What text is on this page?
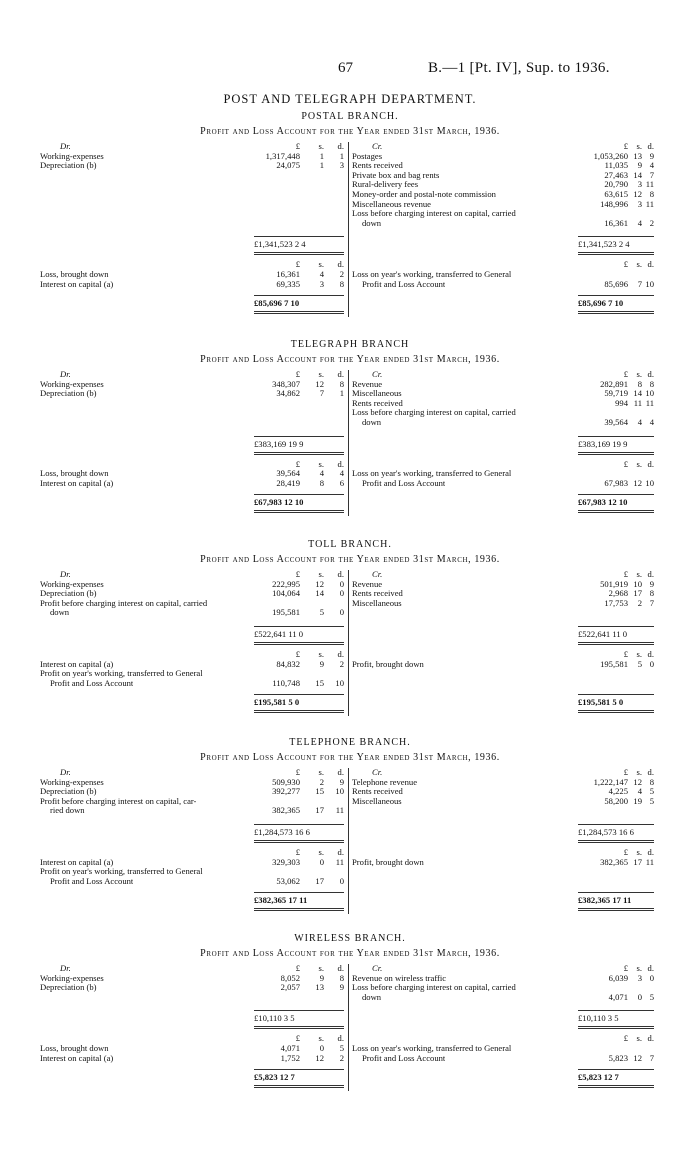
67	B.—1 [Pt. IV], Sup. to 1936.
POST AND TELEGRAPH DEPARTMENT.
POSTAL BRANCH.
Profit and Loss Account for the Year ended 31st March, 1936.
Dr.	£	s.	d.
Working-expenses	1,317,448	1	1
Depreciation (b)	24,075	1	3
£1,341,523 2 4
£	s.	d.
Loss, brought down	16,361	4	2
Interest on capital (a)	69,335	3	8
£85,696 7 10
Cr.	£ s. d.
Postages	1,053,260 13 9
Rents received	11,035	9 4
Private box and bag rents	27,463 14 7
Rural-delivery fees	20,790	3 11
Money-order and postal-note commission	63,615 12 8
Miscellaneous revenue	148,996	3 11
Loss before charging interest on capital, carried
down	16,361	4 2
£1,341,523 2 4
£ s. d.
Loss on year's working, transferred to General
Profit and Loss Account	85,696	7 10
£85,696 7 10
TELEGRAPH BRANCH
Profit and Loss Account for the Year ended 31st March, 1936.
Dr.	£	s.	d.
Working-expenses	348,307	12	8
Depreciation (b)	34,862	7	1
£383,169 19 9
£	s.	d.
Loss, brought down	39,564	4	4
Interest on capital (a)	28,419	8	6
£67,983 12 10
Cr.	£ s. d.
Revenue	282,891	8 8
Miscellaneous	59,719 14 10
Rents received	994 11 11
Loss before charging interest on capital, carried
down	39,564	4 4
£383,169 19 9
£ s. d.
Loss on year's working, transferred to General
Profit and Loss Account	67,983 12 10
£67,983 12 10
TOLL BRANCH.
Profit and Loss Account for the Year ended 31st March, 1936.
Dr.	£	s.	d.
Working-expenses	222,995	12	0
Depreciation (b)	104,064	14	0
Profit before charging interest on capital, carried
down	195,581	5	0
£522,641 11 0
£	s.	d.
Interest on capital (a)	84,832	9	2
Profit on year's working, transferred to General
Profit and Loss Account	110,748	15	10
£195,581 5 0
Cr.	£ s. d.
Revenue	501,919 10 9
Rents received	2,968 17 8
Miscellaneous	17,753	2 7
£522,641 11 0
£ s. d.
Profit, brought down	195,581	5 0
£195,581 5 0
TELEPHONE BRANCH.
Profit and Loss Account for the Year ended 31st March, 1936.
Dr.	£	s.	d.
Working-expenses	509,930	2	9
Depreciation (b)	392,277	15	10
Profit before charging interest on capital, car-
ried down	382,365	17	11
£1,284,573 16 6
£	s.	d.
Interest on capital (a)	329,303	0	11
Profit on year's working, transferred to General
Profit and Loss Account	53,062	17	0
£382,365 17 11
Cr.	£ s. d.
Telephone revenue	1,222,147 12 8
Rents received	4,225	4 5
Miscellaneous	58,200 19 5
£1,284,573 16 6
£ s. d.
Profit, brought down	382,365 17 11
£382,365 17 11
WIRELESS BRANCH.
Profit and Loss Account for the Year ended 31st March, 1936.
Dr.	£	s.	d.
Working-expenses	8,052	9	8
Depreciation (b)	2,057	13	9
£10,110 3 5
£	s.	d.
Loss, brought down	4,071	0	5
Interest on capital (a)	1,752	12	2
£5,823 12 7
Cr.	£ s. d.
Revenue on wireless traffic	6,039	3 0
Loss before charging interest on capital, carried
down	4,071	0 5
£10,110 3 5
£ s. d.
Loss on year's working, transferred to General
Profit and Loss Account	5,823 12 7
£5,823 12 7
